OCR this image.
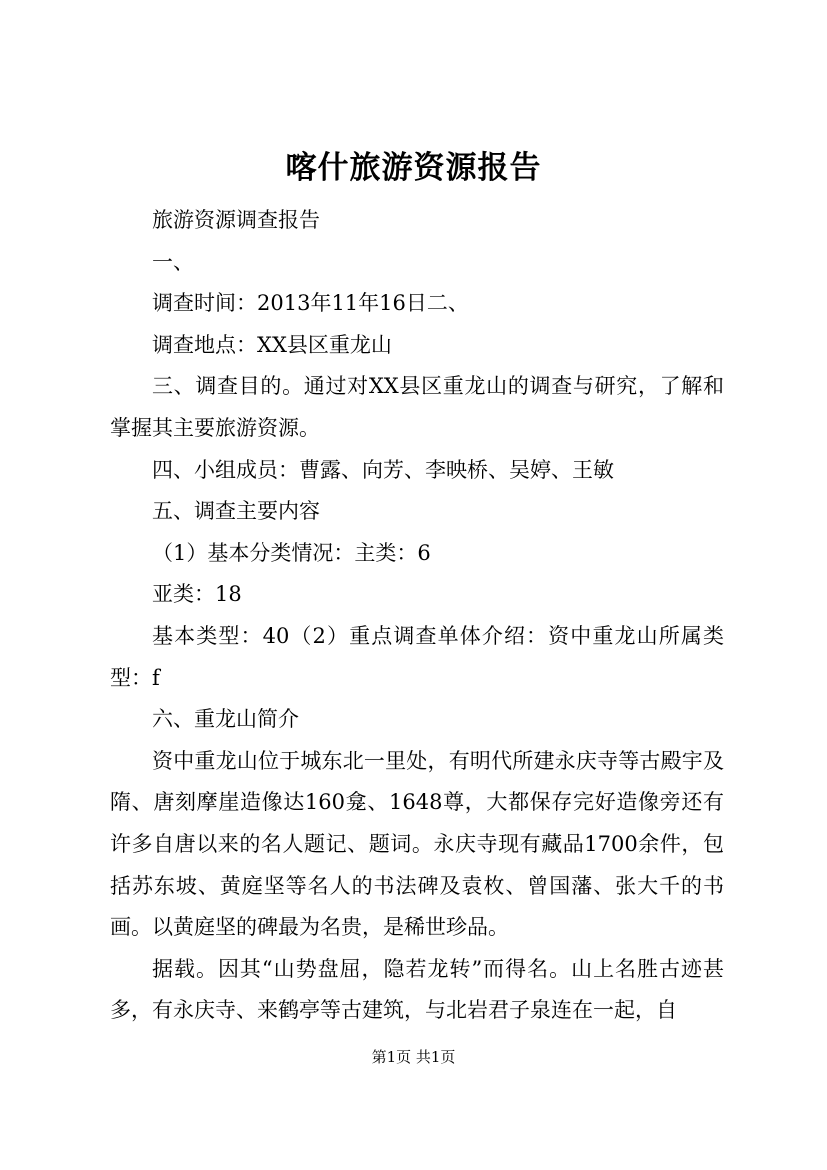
喀什旅游资源报告

旅游资源调查报告

一、

调查时间：2013年11年16日二、

调查地点：XX县区重龙山

三、调查目的。通过对XX县区重龙山的调查与研究，了解和掌握其主要旅游资源。

四、小组成员：曹露、向芳、李映桥、吴婷、王敏

五、调查主要内容

（1）基本分类情况：主类：6

亚类：18

基本类型：40（2）重点调查单体介绍：资中重龙山所属类型：f

六、重龙山简介

资中重龙山位于城东北一里处，有明代所建永庆寺等古殿宇及隋、唐刻摩崖造像达160龛、1648尊，大都保存完好造像旁还有许多自唐以来的名人题记、题词。永庆寺现有藏品1700余件，包括苏东坡、黄庭坚等名人的书法碑及袁枚、曾国藩、张大千的书画。以黄庭坚的碑最为名贵，是稀世珍品。

据载。因其“山势盘屈，隐若龙转”而得名。山上名胜古迹甚多，有永庆寺、来鹤亭等古建筑，与北岩君子泉连在一起，自

第1页 共1页
